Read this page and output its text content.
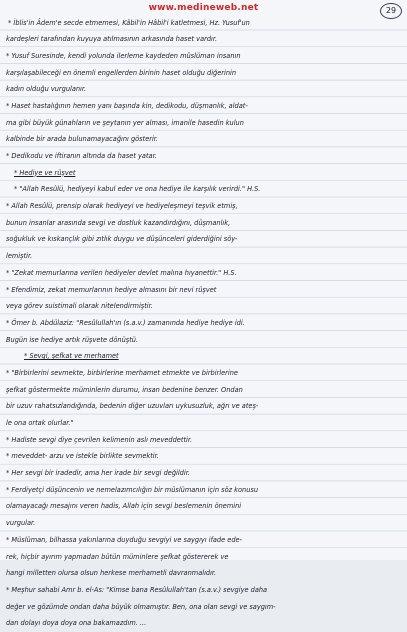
www.medineweb.net	29
* İblis'in Âdem'e secde etmemesi, Kâbil'in Hâbil'i katletmesi, Hz. Yusuf'un
kardeşleri tarafından kuyuya atılmasının arkasında haset vardır.
* Yusuf Suresinde, kendi yolunda ilerleme kaydeden müslüman insanın
karşılaşabileceği en önemli engellerden birinin haset olduğu diğerinin
kadın olduğu vurgulanır.
* Haset hastalığının hemen yanı başında kin, dedikodu, düşmanlık, aldat-
ma gibi büyük günahların ve şeytanın yer alması, imanile hasedin kulun
kalbinde bir arada bulunamayacağını gösterir.
* Dedikodu ve iftiranın altında da haset yatar.
* Hediye ve rüşvet
* "Allah Resûlü, hediyeyi kabul eder ve ona hediye ile karşılık verirdi." H.S.
* Allah Resûlü, prensip olarak hediyeyi ve hediyeleşmeyi teşvik etmiş,
bunun insanlar arasında sevgi ve dostluk kazandırdığını, düşmanlık,
soğukluk ve kıskançlık gibi zıtlık duygu ve düşünceleri giderdiğini söy-
lemiştir.
* "Zekat memurlarına verilen hediyeler devlet malına hıyanettir." H.S.
* Efendimiz, zekat memurlarının hediye almasını bir nevi rüşvet
veya görev suistimali olarak nitelendirmiştir.
* Ömer b. Abdülaziz: "Resûlullah'ın (s.a.v.) zamanında hediye hediye idi.
Bugün ise hediye artık rüşvete dönüştü.
* Sevgi, şefkat ve merhamet
* "Birbirlerini sevmekte, birbirlerine merhamet etmekte ve birbirlerine
şefkat göstermekte müminlerin durumu, insan bedenine benzer. Ondan
bir uzuv rahatsızlandığında, bedenin diğer uzuvları uykusuzluk, ağrı ve ateş-
le ona ortak olurlar."
* Hadiste sevgi diye çevrilen kelimenin aslı meveddettir.
* meveddet- arzu ve istekle birlikte sevmektir.
* Her sevgi bir iradedir, ama her irade bir sevgi değildir.
* Ferdiyetçi düşüncenin ve nemelazımcılığın bir müslümanın için söz konusu
olamayacağı mesajını veren hadis, Allah için sevgi beslemenin önemini
vurgular.
* Müslüman, bilhassa yakınlarına duyduğu sevgiyi ve saygıyı ifade ede-
rek, hiçbir ayırım yapmadan bütün müminlere şefkat göstererek ve
hangi milletten olursa olsun herkese merhametli davranmalıdır.
* Meşhur sahabi Amr b. el-As: "Kimse bana Resûlullah'tan (s.a.v.) sevgiye daha
değer ve gözümde ondan daha büyük olmamıştır. Ben, ona olan sevgi ve saygım-
dan dolayı doya doya ona bakamazdım. ...
